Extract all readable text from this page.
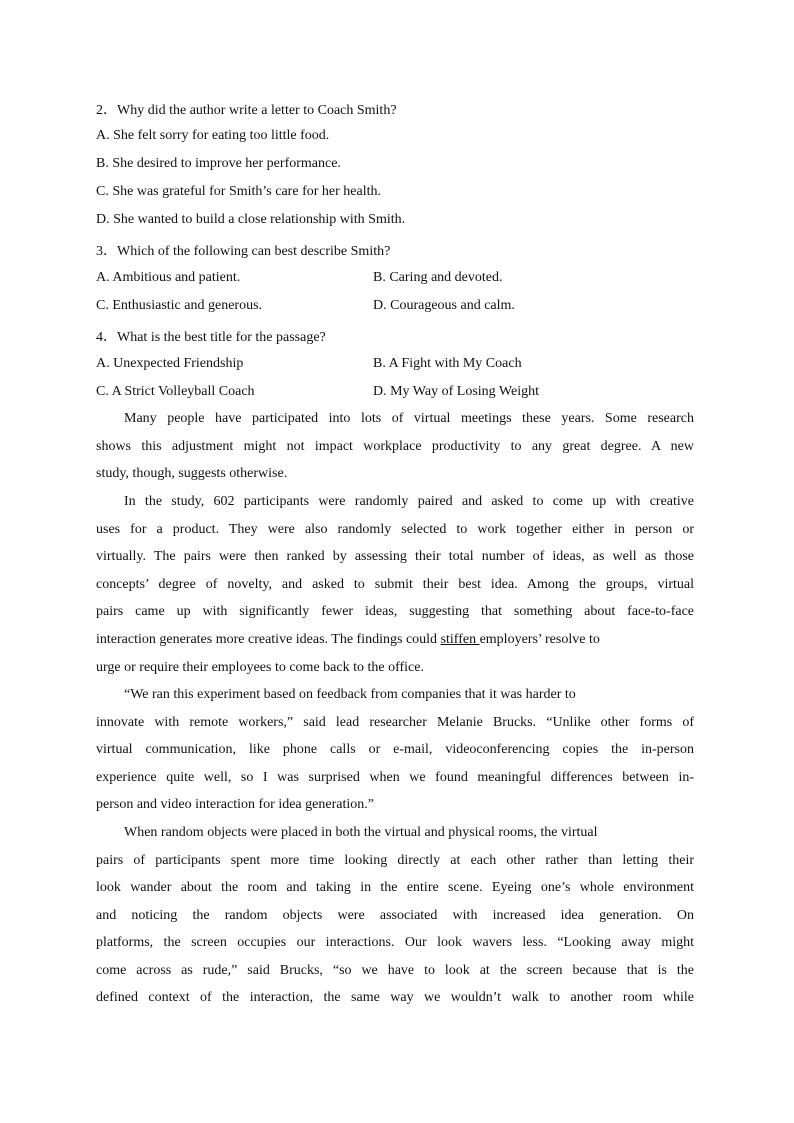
2．Why did the author write a letter to Coach Smith?
A. She felt sorry for eating too little food.
B. She desired to improve her performance.
C. She was grateful for Smith’s care for her health.
D. She wanted to build a close relationship with Smith.
3．Which of the following can best describe Smith?
A. Ambitious and patient.	B. Caring and devoted.
C. Enthusiastic and generous.	D. Courageous and calm.
4．What is the best title for the passage?
A. Unexpected Friendship	B. A Fight with My Coach
C. A Strict Volleyball Coach	D. My Way of Losing Weight
Many people have participated into lots of virtual meetings these years. Some research
shows this adjustment might not impact workplace productivity to any great degree. A new
study, though, suggests otherwise.
In the study, 602 participants were randomly paired and asked to come up with creative
uses for a product. They were also randomly selected to work together either in person or
virtually. The pairs were then ranked by assessing their total number of ideas, as well as those
concepts’ degree of novelty, and asked to submit their best idea. Among the groups, virtual
pairs came up with significantly fewer ideas, suggesting that something about face-to-face
interaction generates more creative ideas. The findings could stiffen employers’ resolve to
urge or require their employees to come back to the office.
“We ran this experiment based on feedback from companies that it was harder to
innovate with remote workers,” said lead researcher Melanie Brucks. “Unlike other forms of
virtual communication, like phone calls or e-mail, videoconferencing copies the in-person
experience quite well, so I was surprised when we found meaningful differences between in-
person and video interaction for idea generation.”
When random objects were placed in both the virtual and physical rooms, the virtual
pairs of participants spent more time looking directly at each other rather than letting their
look wander about the room and taking in the entire scene. Eyeing one’s whole environment
and noticing the random objects were associated with increased idea generation. On
platforms, the screen occupies our interactions. Our look wavers less. “Looking away might
come across as rude,” said Brucks, “so we have to look at the screen because that is the
defined context of the interaction, the same way we wouldn’t walk to another room while
